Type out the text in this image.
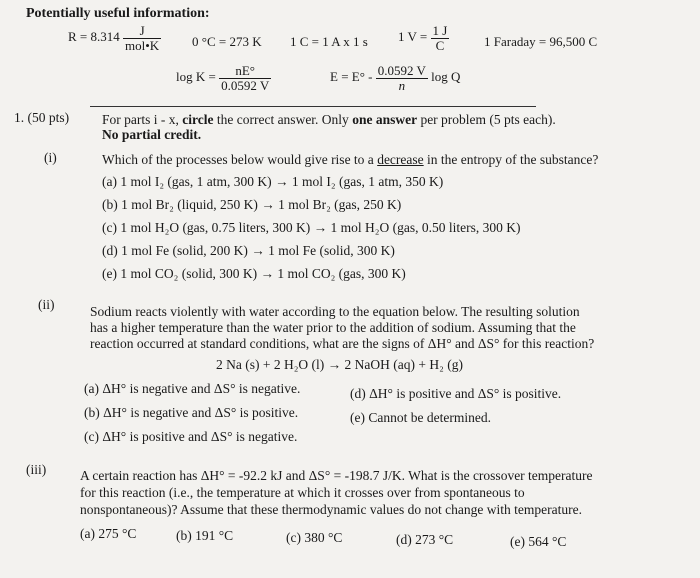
Potentially useful information:
$R = 8.314 \frac{J}{\text{mol•K}} 0$ °C = 273 K 1 C = 1 A x 1 s 1 $V = \frac{1 J}{C}$	1 Faraday = 96,500 C
$\log K = \frac{nE^\circ}{0.0592 V}$	$E = E^\circ - \frac{0.0592 V}{n}$ log Q
1. (50 pts) For parts i - x, circle the correct answer. Only one answer per problem (5 pts each).
No partial credit.
(i)	Which of the processes below would give rise to a decrease in the entropy of the substance?
(a) 1 mol I₂ (gas, 1 atm, 300 K) → 1 mol I₂ (gas, 1 atm, 350 K)
(b) 1 mol Br₂ (liquid, 250 K) → 1 mol Br₂ (gas, 250 K)
(c) 1 mol H₂O (gas, 0.75 liters, 300 K) → 1 mol H₂O (gas, 0.50 liters, 300 K)
(d) 1 mol Fe (solid, 200 K) → 1 mol Fe (solid, 300 K)
(e) 1 mol CO₂ (solid, 300 K) → 1 mol CO₂ (gas, 300 K)
(ii)	Sodium reacts violently with water according to the equation below. The resulting solution
has a higher temperature than the water prior to the addition of sodium. Assuming that the
reaction occurred at standard conditions, what are the signs of ΔH° and ΔS° for this reaction?
2 Na (s) + 2 H₂O (l) → 2 NaOH (aq) + H₂ (g)
(a) ΔH° is negative and ΔS° is negative.
(b) ΔH° is negative and ΔS° is positive.
(c) ΔH° is positive and ΔS° is negative.
(d) ΔH° is positive and ΔS° is positive.
(e) Cannot be determined.
(iii)	A certain reaction has ΔH° = -92.2 kJ and ΔS° = -198.7 J/K. What is the crossover temperature
for this reaction (i.e., the temperature at which it crosses over from spontaneous to
nonspontaneous)? Assume that these thermodynamic values do not change with temperature.
(a) 275 °C	(b) 191 °C	(c) 380 °C	(d) 273 °C	(e) 564 °C
